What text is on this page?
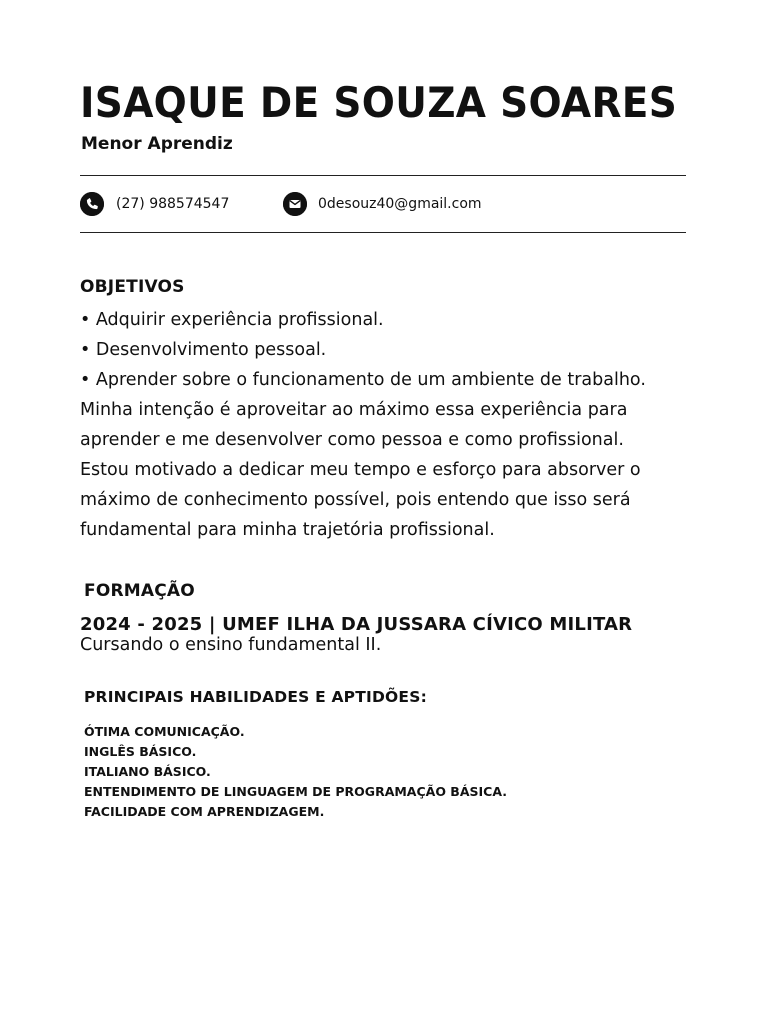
ISAQUE DE SOUZA SOARES
Menor Aprendiz
(27) 988574547	0desouz40@gmail.com
OBJETIVOS
• Adquirir experiência profissional.
• Desenvolvimento pessoal.
• Aprender sobre o funcionamento de um ambiente de trabalho.
Minha intenção é aproveitar ao máximo essa experiência para
aprender e me desenvolver como pessoa e como profissional.
Estou motivado a dedicar meu tempo e esforço para absorver o
máximo de conhecimento possível, pois entendo que isso será
fundamental para minha trajetória profissional.
FORMAÇÃO
2024 - 2025 | UMEF ILHA DA JUSSARA CÍVICO MILITAR
Cursando o ensino fundamental II.
PRINCIPAIS HABILIDADES E APTIDÕES:
ÓTIMA COMUNICAÇÃO.
INGLÊS BÁSICO.
ITALIANO BÁSICO.
ENTENDIMENTO DE LINGUAGEM DE PROGRAMAÇÃO BÁSICA.
FACILIDADE COM APRENDIZAGEM.
